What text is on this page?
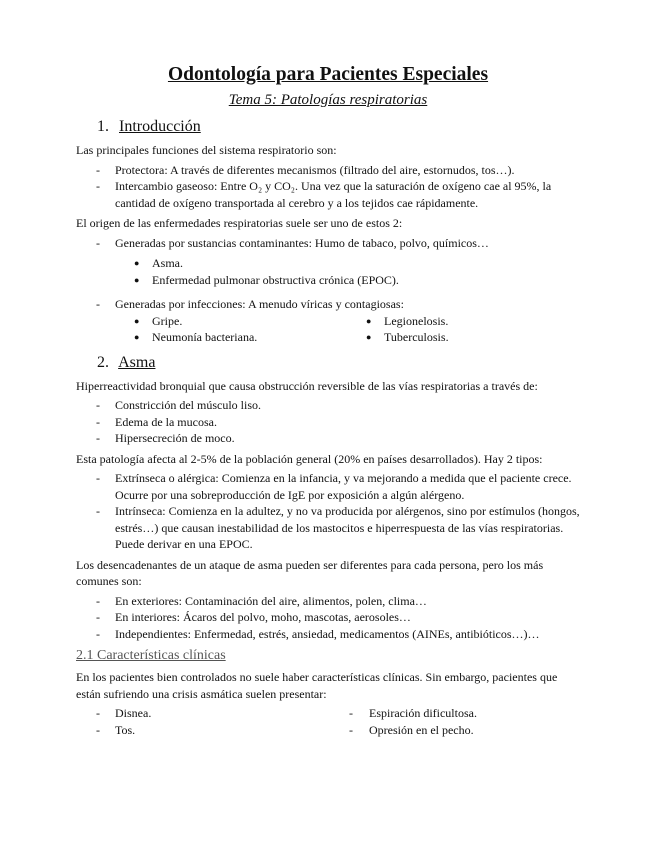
Odontología para Pacientes Especiales
Tema 5: Patologías respiratorias
1. Introducción

Las principales funciones del sistema respiratorio son:

- Protectora: A través de diferentes mecanismos (filtrado del aire, estornudos, tos…).
- Intercambio gaseoso: Entre O₂ y CO₂. Una vez que la saturación de oxígeno cae al 95%, la cantidad de oxígeno transportada al cerebro y a los tejidos cae rápidamente.

El origen de las enfermedades respiratorias suele ser uno de estos 2:

- Generadas por sustancias contaminantes: Humo de tabaco, polvo, químicos…
● Asma.
● Enfermedad pulmonar obstructiva crónica (EPOC).
- Generadas por infecciones: A menudo víricas y contagiosas:
● Gripe.
● Neumonía bacteriana.
● Legionelosis.
● Tuberculosis.
2. Asma

Hiperreactividad bronquial que causa obstrucción reversible de las vías respiratorias a través de:

- Constricción del músculo liso.
- Edema de la mucosa.
- Hipersecreción de moco.

Esta patología afecta al 2-5% de la población general (20% en países desarrollados). Hay 2 tipos:

- Extrínseca o alérgica: Comienza en la infancia, y va mejorando a medida que el paciente crece. Ocurre por una sobreproducción de IgE por exposición a algún alérgeno.
- Intrínseca: Comienza en la adultez, y no va producida por alérgenos, sino por estímulos (hongos, estrés…) que causan inestabilidad de los mastocitos e hiperrespuesta de las vías respiratorias. Puede derivar en una EPOC.

Los desencadenantes de un ataque de asma pueden ser diferentes para cada persona, pero los más comunes son:

- En exteriores: Contaminación del aire, alimentos, polen, clima…
- En interiores: Ácaros del polvo, moho, mascotas, aerosoles…
- Independientes: Enfermedad, estrés, ansiedad, medicamentos (AINEs, antibióticos…)…
2.1 Características clínicas

En los pacientes bien controlados no suele haber características clínicas. Sin embargo, pacientes que están sufriendo una crisis asmática suelen presentar:

- Disnea.
- Tos.
- Espiración dificultosa.
- Opresión en el pecho.
